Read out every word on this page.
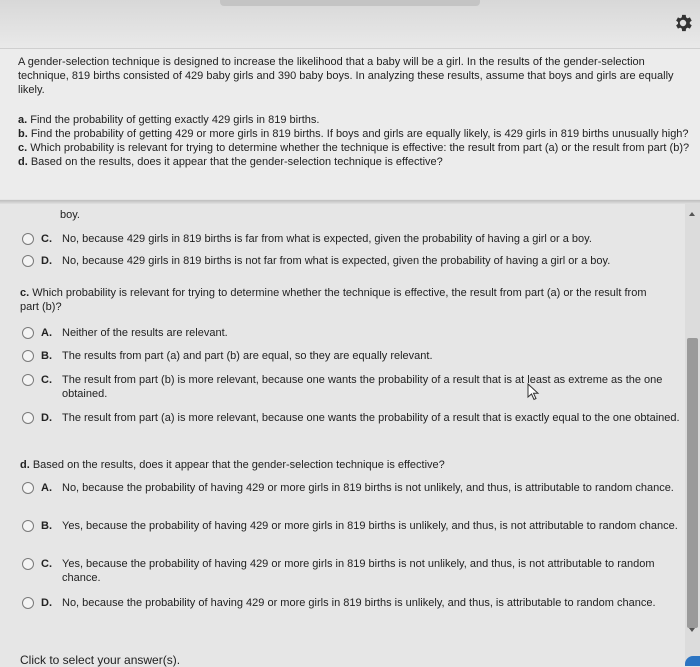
A gender-selection technique is designed to increase the likelihood that a baby will be a girl. In the results of the gender-selection technique, 819 births consisted of 429 baby girls and 390 baby boys. In analyzing these results, assume that boys and girls are equally likely.
a. Find the probability of getting exactly 429 girls in 819 births.
b. Find the probability of getting 429 or more girls in 819 births. If boys and girls are equally likely, is 429 girls in 819 births unusually high?
c. Which probability is relevant for trying to determine whether the technique is effective: the result from part (a) or the result from part (b)?
d. Based on the results, does it appear that the gender-selection technique is effective?
boy.
C. No, because 429 girls in 819 births is far from what is expected, given the probability of having a girl or a boy.
D. No, because 429 girls in 819 births is not far from what is expected, given the probability of having a girl or a boy.
c. Which probability is relevant for trying to determine whether the technique is effective, the result from part (a) or the result from part (b)?
A. Neither of the results are relevant.
B. The results from part (a) and part (b) are equal, so they are equally relevant.
C. The result from part (b) is more relevant, because one wants the probability of a result that is at least as extreme as the one obtained.
D. The result from part (a) is more relevant, because one wants the probability of a result that is exactly equal to the one obtained.
d. Based on the results, does it appear that the gender-selection technique is effective?
A. No, because the probability of having 429 or more girls in 819 births is not unlikely, and thus, is attributable to random chance.
B. Yes, because the probability of having 429 or more girls in 819 births is unlikely, and thus, is not attributable to random chance.
C. Yes, because the probability of having 429 or more girls in 819 births is not unlikely, and thus, is not attributable to random chance.
D. No, because the probability of having 429 or more girls in 819 births is unlikely, and thus, is attributable to random chance.
Click to select your answer(s).
